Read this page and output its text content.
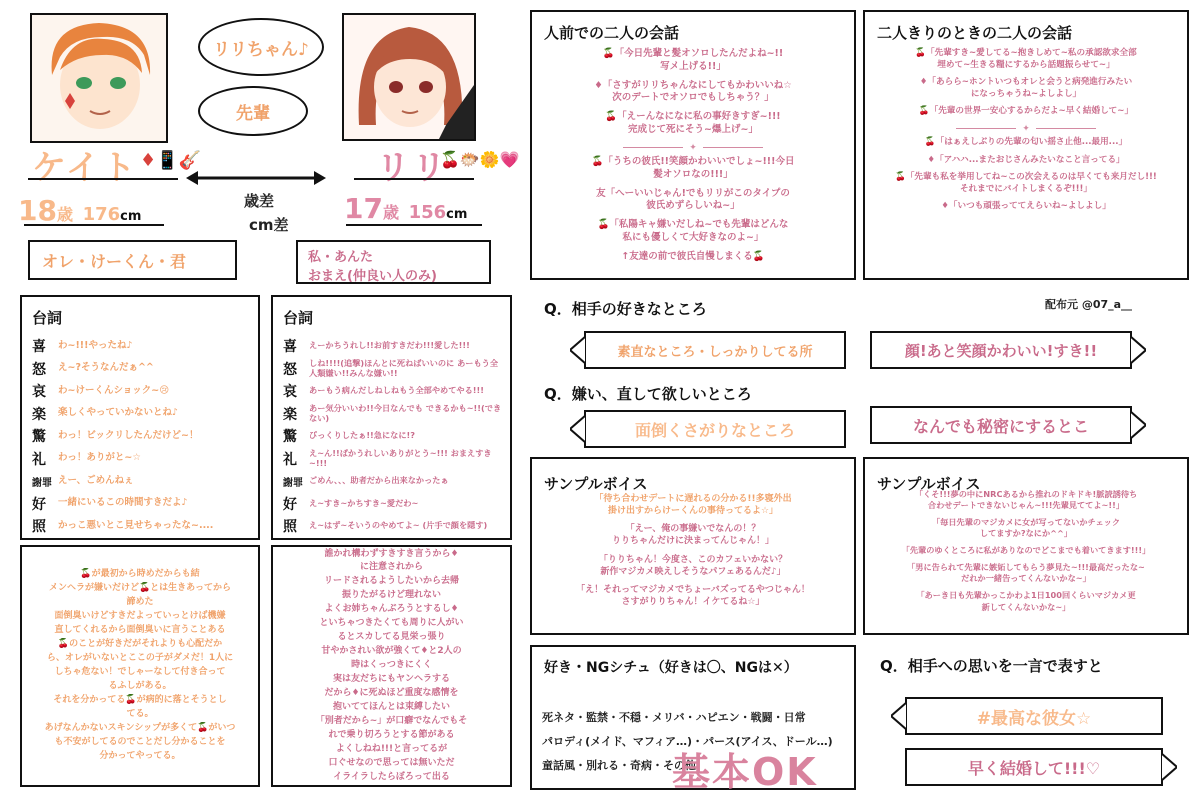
リリちゃん♪
先輩
ケイト ♦📱🎸
歳差
cm差
リリ
🍒🐡🌼💗
18歳 176cm	17歳 156cm
オレ・けーくん・君	私・あんた
おまえ(仲良い人のみ)
台詞
喜	わ~!!!やったね♪
怒	え~?そうなんだぁ^^
哀	わ~けーくんショック~😢
楽	楽しくやっていかないとね♪
驚	わっ！ビックリしたんだけど~！
礼	わっ！ありがと~☆
謝罪 えー、ごめんねぇ
好	一緒にいるこの時間すきだよ♪
照	かっこ悪いとこ見せちゃったな~....
台詞
喜	えーかちうれし!!お前すきだわ!!!愛した!!!
怒	しね!!!!(追撃)ほんとに死ねばいいのに あーもう全人類嫌い!!みんな嫌い!!
哀	あーもう病んだしねしねもう全部やめてやる!!!
楽	あー気分いいわ!!今日なんでも できるかも~!!(できない)
驚	びっくりしたぁ!!急になに!?
礼	え~ん!!ばかうれしいありがとう~!!! おまえすき~!!!
謝罪 ごめん、、、助者だから出来なかったぁ
好	え~すき~かちすき~愛だわ~
照	え~はず~そいうのやめてよ~ (片手で顔を隠す)
🍒が最初から時めだからも結
メンヘラが嫌いだけど🍒とは生きあってから
諦めた
面倒臭いけどすきだよっていっとけば機嫌
直してくれるから面倒臭いに言うことある
🍒のことが好きだがそれよりも心配だか
ら、オレがいないとここの子がダメだ！1人に
しちゃ危ない！でしゃーなして付き合って
るふしがある。
それを分かってる🍒が病的に落とそうとし
てる。
あげなんかないスキンシップが多くて🍒がいつ
も不安がしてるのでことだし分かることを
分かってやってる。
誰かれ構わずすきすき言うから♦
に注意されから
リードされるようしたいから去帰
振りたがるけど理れない
よくお姉ちゃんぶろうとするし♦
といちゃつきたくても周りに人がい
るとスカしてる見栄っ張り
甘やかされい欲が強くて♦と2人の
時はくっつきにくく
実は友だちにもヤンヘラする
だから♦に死ぬほど重度な感情を
抱いててほんとは束縛したい
「別者だから~」が口癖でなんでもそ
れで乗り切ろうとする節がある
よくしねね!!!と言ってるが
口ぐせなので思っては無いただ
イライラしたらぼろって出る
人前での二人の会話
🍒「今日先輩と髪オソロしたんだよね~!!
写メ上げる!!」
♦「さすがリリちゃんなにしてもかわいいね☆
次のデートでオソロでもしちゃう？」
🍒「えーんなになに私の事好きすぎ~!!!
完成じて死にそう~爆上げ~」
✦
🍒「うちの彼氏!!笑顔かわいいでしょ~!!!今日
髪オソロなの!!!」
友「へーいいじゃん!でもリリがこのタイプの
彼氏めずらしいね~」
🍒「私陽キャ嫌いだしね~でも先輩はどんな
私にも優しくて大好きなのよ~」
↑友達の前で彼氏自慢しまくる🍒
二人きりのときの二人の会話
🍒「先輩すき~愛してる~抱きしめて~私の承認欲求全部
埋めて~生きる糧にするから話題振らせて~」
♦「あらら~ホントいつもオレと会うと病発進行みたい
になっちゃうね~よしよし」
🍒「先輩の世界一安心するからだよ~早く結婚して~」
✦
🍒「はぁえしぶりの先輩の匂い揺さ止他...最用...」
♦「アハハ...またおじさんみたいなこと言ってる」
🍒「先輩も私を挙用してね~この次会えるのは早くても来月だし!!!
それまでにバイトしまくるぞ!!!」
♦「いつも頑張っててえらいね~よしよし」
Q．相手の好きなところ	配布元 @07_a__
素直なところ・しっかりしてる所	顔!あと笑顔かわいい!すき!!
Q．嫌い、直して欲しいところ
面倒くさがりなところ	なんでも秘密にするとこ
サンプルボイス
「待ち合わせデートに遅れるの分かる!!多寝外出
掛け出すからけーくんの事待ってるよ☆」
「えー、俺の事嫌いでなんの！？
りりちゃんだけに決まってんじゃん！」
「りりちゃん！今度さ、このカフェいかない？
新作マジカメ映えしそうなパフェあるんだ♪」
「え！それってマジカメでちょーバズってるやつじゃん！
さすがりりちゃん！イケてるね☆」
サンプルボイス
「くそ!!!夢の中にNRCあるから推れのドキドキ!脈読誘待ち
合わせデートできないじゃん~!!!先輩見ててよ~!!」
「毎日先輩のマジカメに女が写ってないかチェック
してますか?なにか^^」
「先輩のゆくところに私がありなのでどこまでも着いてきます!!!」
「男に告られて先輩に嫉妬してもらう夢見た~!!!最高だったな~
だれか一緒告ってくんないかな~」
「あーき日も先輩かっこかわよ1日100回くらいマジカメ更
新してくんないかな~」
好き・NGシチュ（好きは〇、NGは✕）
死ネタ・監禁・不穏・メリバ・ハピエン・戦闘・日常
パロディ(メイド、マフィア…)・パース(アイス、ドール…)
童話風・別れる・奇病・その他
基本OK
Q．相手への思いを一言で表すと
#最高な彼女☆
早く結婚して!!!♡
